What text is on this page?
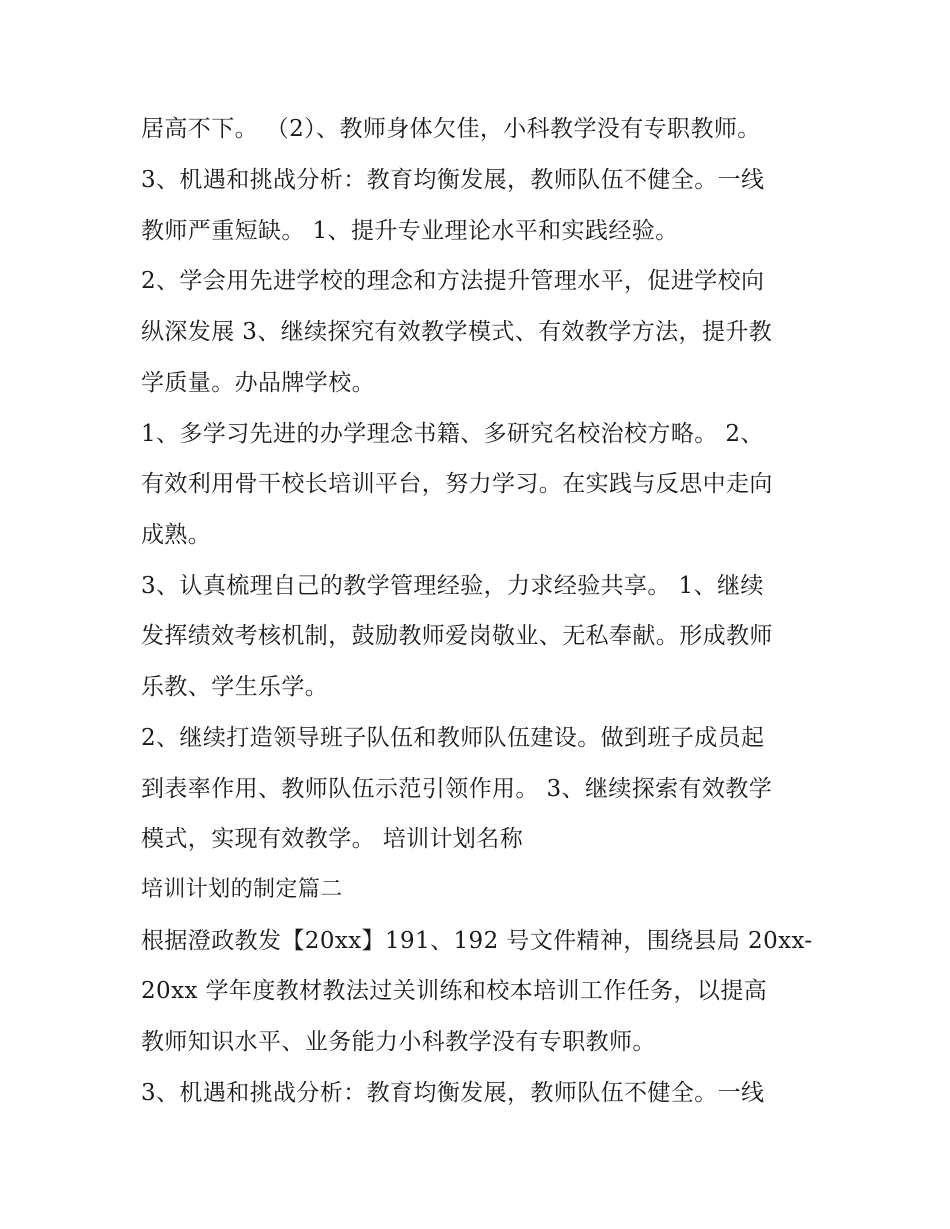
居高不下。 （2）、教师身体欠佳，小科教学没有专职教师。
3、机遇和挑战分析：教育均衡发展，教师队伍不健全。一线
教师严重短缺。 1、提升专业理论水平和实践经验。
2、学会用先进学校的理念和方法提升管理水平，促进学校向
纵深发展 3、继续探究有效教学模式、有效教学方法，提升教
学质量。办品牌学校。
1、多学习先进的办学理念书籍、多研究名校治校方略。 2、
有效利用骨干校长培训平台，努力学习。在实践与反思中走向
成熟。
3、认真梳理自己的教学管理经验，力求经验共享。 1、继续
发挥绩效考核机制，鼓励教师爱岗敬业、无私奉献。形成教师
乐教、学生乐学。
2、继续打造领导班子队伍和教师队伍建设。做到班子成员起
到表率作用、教师队伍示范引领作用。 3、继续探索有效教学
模式，实现有效教学。 培训计划名称
培训计划的制定篇二
根据澄政教发【20xx】191、192 号文件精神，围绕县局 20xx-
20xx 学年度教材教法过关训练和校本培训工作任务，以提高
教师知识水平、业务能力小科教学没有专职教师。
3、机遇和挑战分析：教育均衡发展，教师队伍不健全。一线
